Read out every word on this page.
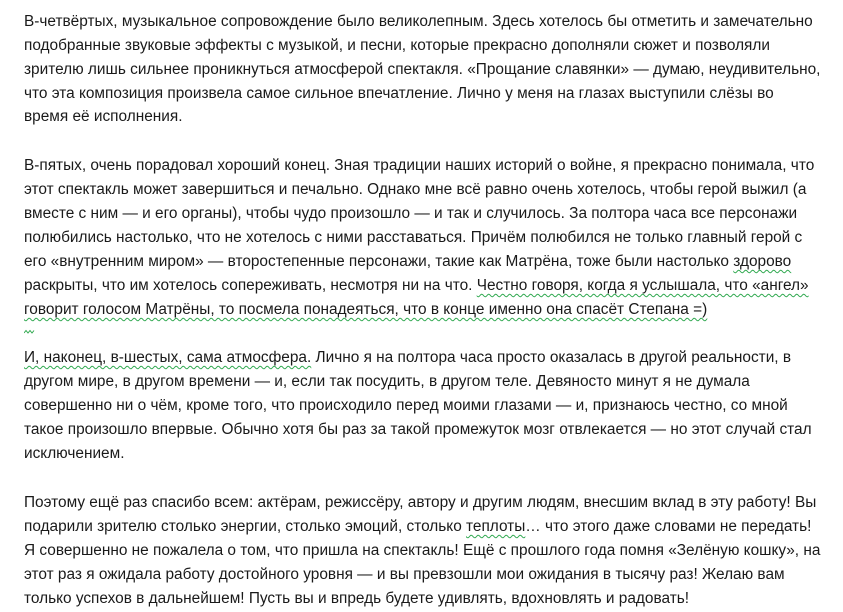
В-четвёртых, музыкальное сопровождение было великолепным. Здесь хотелось бы отметить и замечательно
подобранные звуковые эффекты с музыкой, и песни, которые прекрасно дополняли сюжет и позволяли
зрителю лишь сильнее проникнуться атмосферой спектакля. «Прощание славянки» — думаю, неудивительно,
что эта композиция произвела самое сильное впечатление. Лично у меня на глазах выступили слёзы во
время её исполнения.
В-пятых, очень порадовал хороший конец. Зная традиции наших историй о войне, я прекрасно понимала, что
этот спектакль может завершиться и печально. Однако мне всё равно очень хотелось, чтобы герой выжил (а
вместе с ним — и его органы), чтобы чудо произошло — и так и случилось. За полтора часа все персонажи
полюбились настолько, что не хотелось с ними расставаться. Причём полюбился не только главный герой с
его «внутренним миром» — второстепенные персонажи, такие как Матрёна, тоже были настолько здорово
раскрыты, что им хотелось сопереживать, несмотря ни на что. Честно говоря, когда я услышала, что «ангел»
говорит голосом Матрёны, то посмела понадеяться, что в конце именно она спасёт Степана =)
И, наконец, в-шестых, сама атмосфера. Лично я на полтора часа просто оказалась в другой реальности, в
другом мире, в другом времени — и, если так посудить, в другом теле. Девяносто минут я не думала
совершенно ни о чём, кроме того, что происходило перед моими глазами — и, признаюсь честно, со мной
такое произошло впервые. Обычно хотя бы раз за такой промежуток мозг отвлекается — но этот случай стал
исключением.
Поэтому ещё раз спасибо всем: актёрам, режиссёру, автору и другим людям, внесшим вклад в эту работу! Вы
подарили зрителю столько энергии, столько эмоций, столько теплоты… что этого даже словами не передать!
Я совершенно не пожалела о том, что пришла на спектакль! Ещё с прошлого года помня «Зелёную кошку», на
этот раз я ожидала работу достойного уровня — и вы превзошли мои ожидания в тысячу раз! Желаю вам
только успехов в дальнейшем! Пусть вы и впредь будете удивлять, вдохновлять и радовать!
